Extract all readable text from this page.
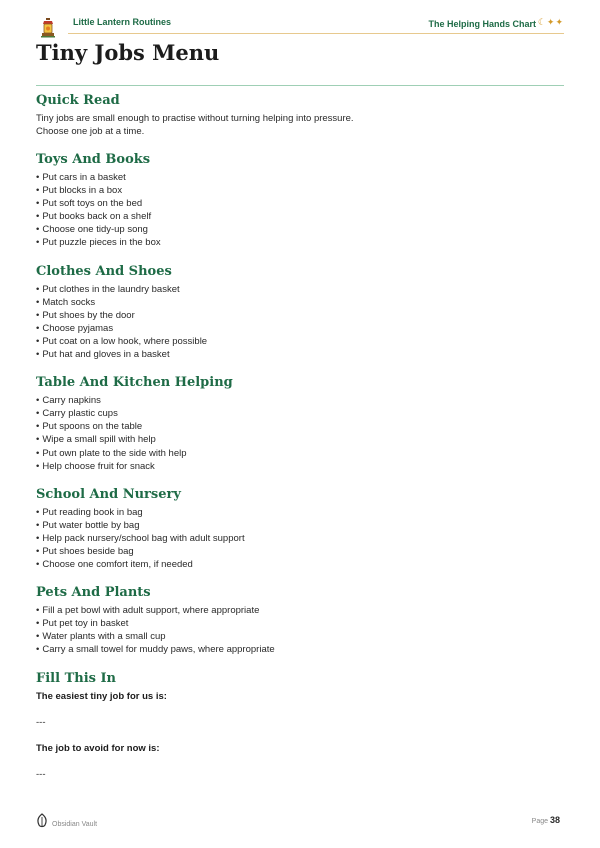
Little Lantern Routines	The Helping Hands Chart ☾✦✦
Tiny Jobs Menu
Quick Read

Tiny jobs are small enough to practise without turning helping into pressure.

Choose one job at a time.

Toys And Books
• Put cars in a basket
• Put blocks in a box
• Put soft toys on the bed
• Put books back on a shelf
• Choose one tidy-up song
• Put puzzle pieces in the box
Clothes And Shoes
• Put clothes in the laundry basket
• Match socks
• Put shoes by the door
• Choose pyjamas
• Put coat on a low hook, where possible
• Put hat and gloves in a basket
Table And Kitchen Helping
• Carry napkins
• Carry plastic cups
• Put spoons on the table
• Wipe a small spill with help
• Put own plate to the side with help
• Help choose fruit for snack
School And Nursery
• Put reading book in bag
• Put water bottle by bag
• Help pack nursery/school bag with adult support
• Put shoes beside bag
• Choose one comfort item, if needed
Pets And Plants
• Fill a pet bowl with adult support, where appropriate
• Put pet toy in basket
• Water plants with a small cup
• Carry a small towel for muddy paws, where appropriate
Fill This In

The easiest tiny job for us is:

---

The job to avoid for now is:

---

Obsidian Vault	Page 38
